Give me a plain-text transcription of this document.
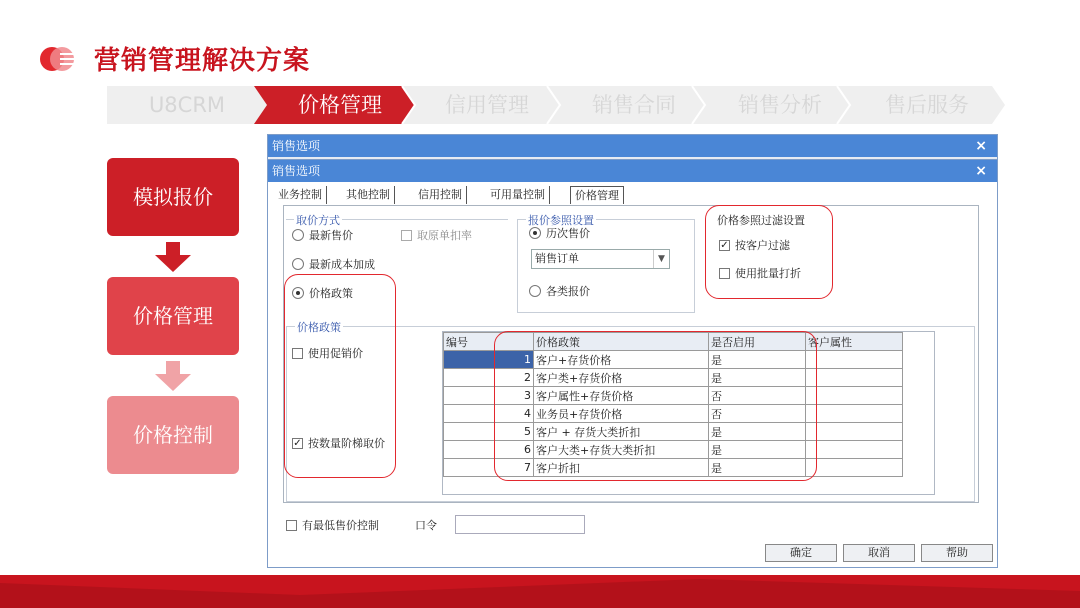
营销管理解决方案
U8CRM	价格管理	信用管理	销售合同	销售分析	售后服务
模拟报价
价格管理
价格控制
销售选项	×
销售选项	×
业务控制	其他控制	信用控制	可用量控制	价格管理
取价方式
最新售价	取原单扣率
最新成本加成
价格政策
报价参照设置
历次售价
销售订单	▼
各类报价
价格参照过滤设置
✓ 按客户过滤
使用批量打折
价格政策
使用促销价
✓ 按数量阶梯取价
编号	价格政策	是否启用	客户属性
1	客户+存货价格	是	
2	客户类+存货价格	是	
3	客户属性+存货价格	否	
4	业务员+存货价格	否	
5	客户 + 存货大类折扣	是	
6	客户大类+存货大类折扣	是	
7	客户折扣	是	
有最低售价控制	口令
确定	取消	帮助
